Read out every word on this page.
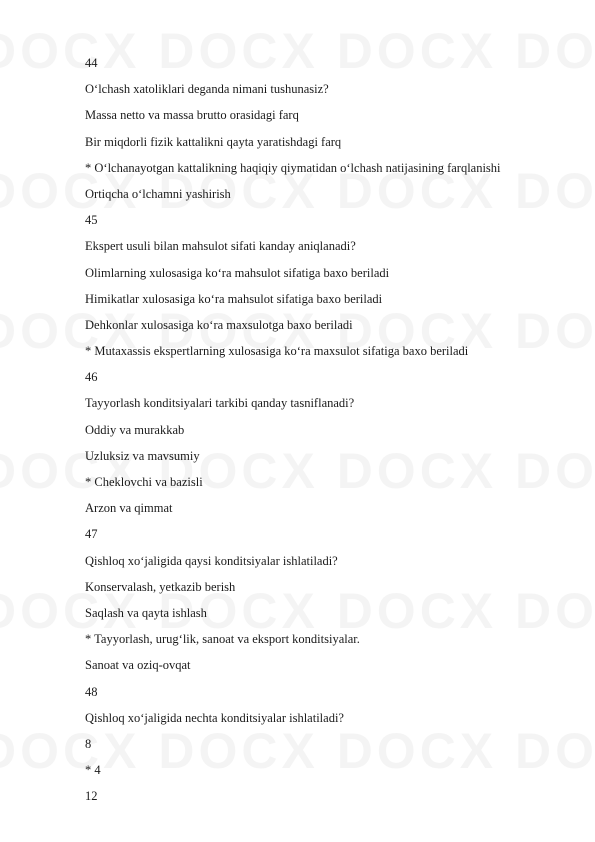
44
O‘lchash xatoliklari deganda nimani tushunasiz?
Massa netto va massa brutto orasidagi farq
Bir miqdorli fizik kattalikni qayta yaratishdagi farq
* O‘lchanayotgan kattalikning haqiqiy qiymatidan o‘lchash natijasining farqlanishi
Ortiqcha o‘lchamni yashirish
45
Ekspert usuli bilan mahsulot sifati kanday aniqlanadi?
Olimlarning xulosasiga ko‘ra mahsulot sifatiga baxo beriladi
Himikatlar xulosasiga ko‘ra mahsulot sifatiga baxo beriladi
Dehkonlar xulosasiga ko‘ra maxsulotga baxo beriladi
* Mutaxassis ekspertlarning xulosasiga ko‘ra maxsulot sifatiga baxo beriladi
46
Tayyorlash konditsiyalari tarkibi qanday tasniflanadi?
Oddiy va murakkab
Uzluksiz va mavsumiy
* Cheklovchi va bazisli
Arzon va qimmat
47
Qishloq xo‘jaligida qaysi konditsiyalar ishlatiladi?
Konservalash, yetkazib berish
Saqlash va qayta ishlash
* Tayyorlash, urug‘lik, sanoat va eksport konditsiyalar.
Sanoat va oziq-ovqat
48
Qishloq xo‘jaligida nechta konditsiyalar ishlatiladi?
8
* 4
12
